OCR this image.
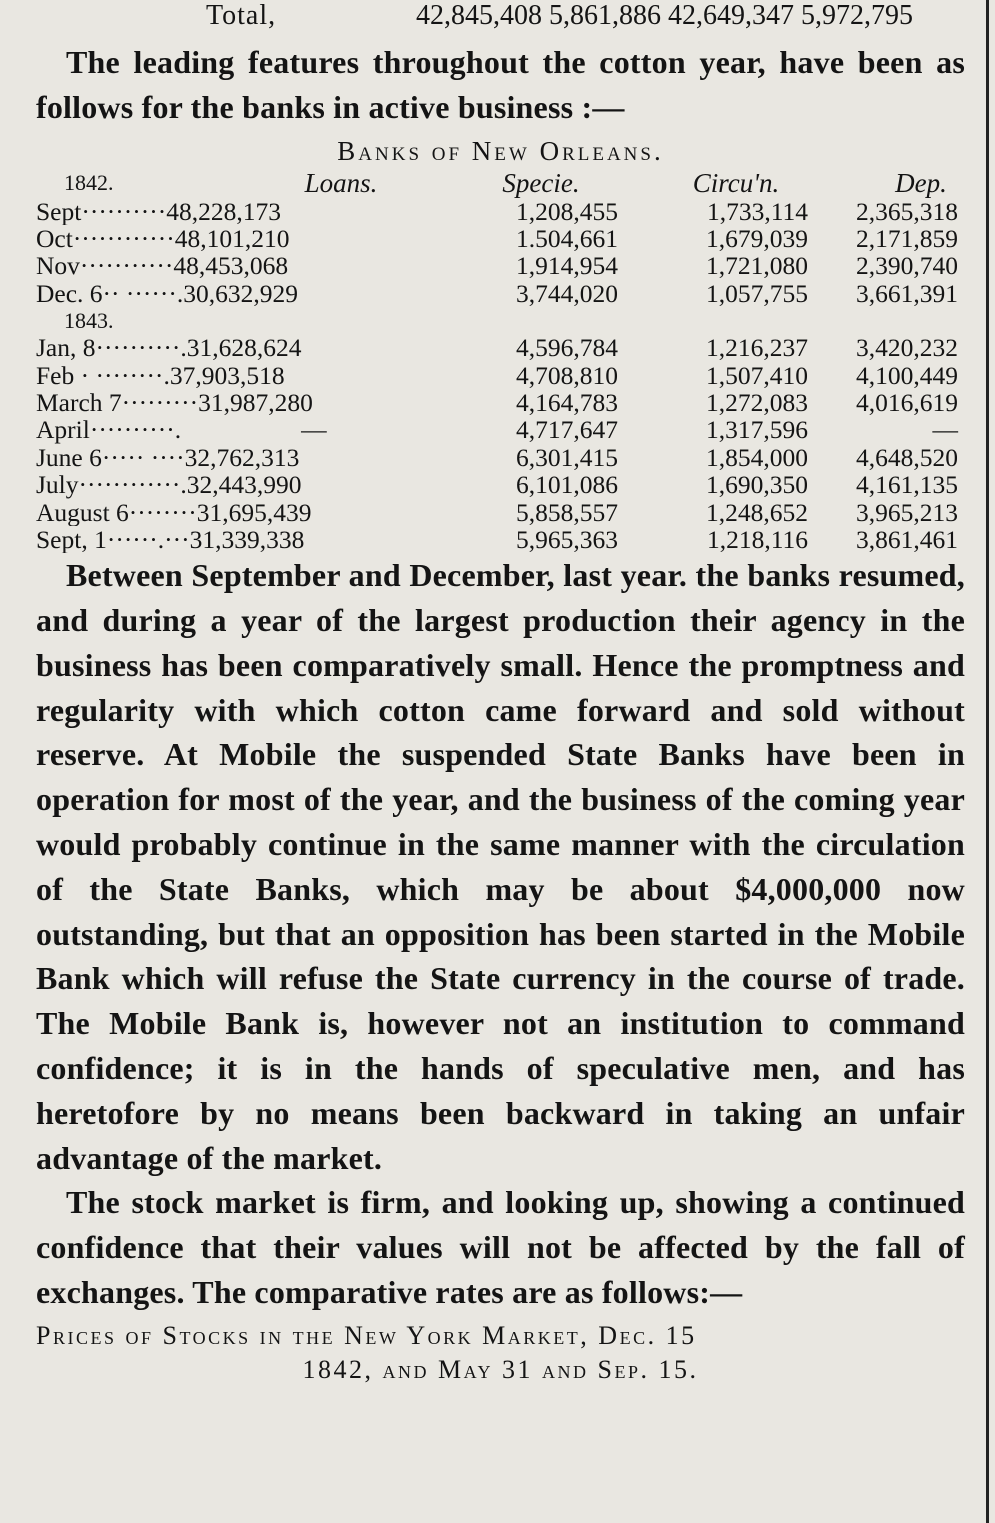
Total,	42,845,408 5,861,886 42,649,347 5,972,795

The leading features throughout the cotton year, have been as follows for the banks in active business :—

Banks of New Orleans.
1842.	Loans.	Specie.	Circu'n.	Dep.
Sept··········48,228,173	1,208,455	1,733,114	2,365,318
Oct············48,101,210	1.504,661	1,679,039	2,171,859
Nov···········48,453,068	1,914,954	1,721,080	2,390,740
Dec. 6·· ······.30,632,929	3,744,020	1,057,755	3,661,391
1843.
Jan, 8··········.31,628,624	4,596,784	1,216,237	3,420,232
Feb · ········.37,903,518	4,708,810	1,507,410	4,100,449
March 7·········31,987,280	4,164,783	1,272,083	4,016,619
April··········.	—	4,717,647	1,317,596	—
June 6····· ····32,762,313	6,301,415	1,854,000	4,648,520
July············.32,443,990	6,101,086	1,690,350	4,161,135
August 6········31,695,439	5,858,557	1,248,652	3,965,213
Sept, 1······.···31,339,338	5,965,363	1,218,116	3,861,461

Between September and December, last year. the banks resumed, and during a year of the largest production their agency in the business has been comparatively small. Hence the promptness and regularity with which cotton came forward and sold without reserve. At Mobile the suspended State Banks have been in operation for most of the year, and the business of the coming year would probably continue in the same manner with the circulation of the State Banks, which may be about $4,000,000 now outstanding, but that an opposition has been started in the Mobile Bank which will refuse the State currency in the course of trade. The Mobile Bank is, however not an institution to command confidence; it is in the hands of speculative men, and has heretofore by no means been backward in taking an unfair advantage of the market.

The stock market is firm, and looking up, showing a continued confidence that their values will not be affected by the fall of exchanges. The comparative rates are as follows:—

Prices of Stocks in the New York Market, Dec. 15
1842, and May 31 and Sep. 15.
